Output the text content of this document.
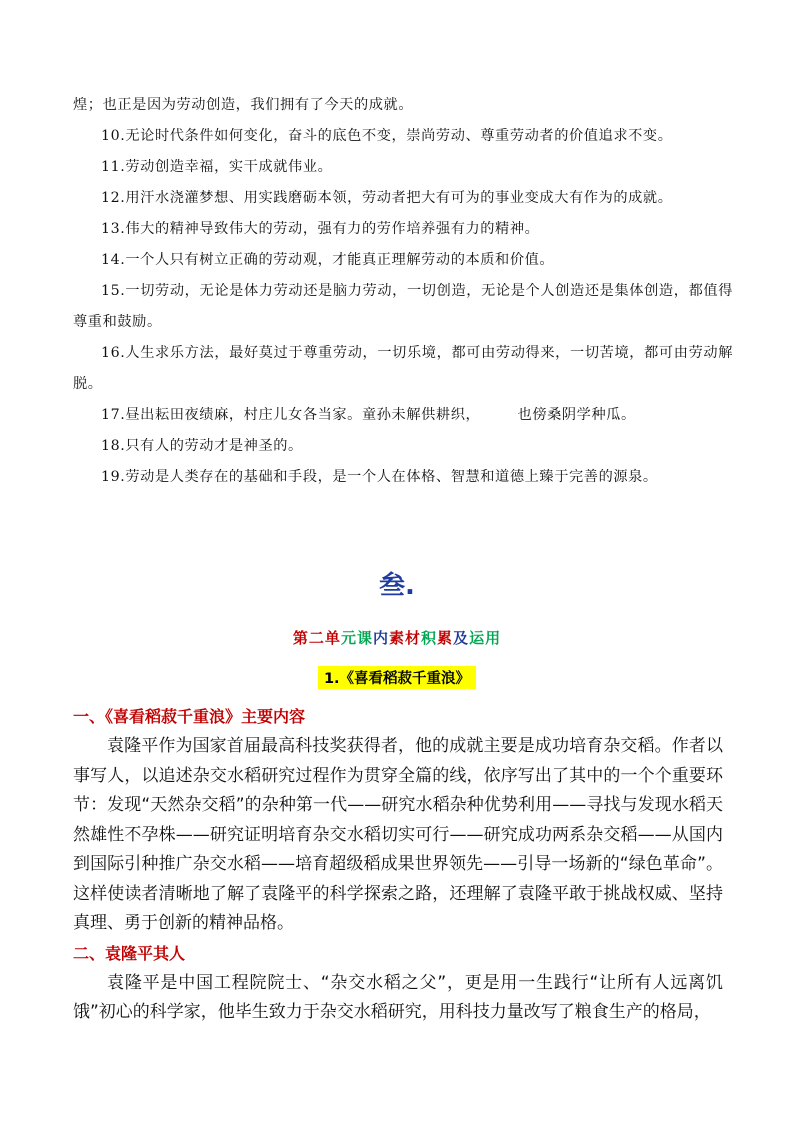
煌；也正是因为劳动创造，我们拥有了今天的成就。

10.无论时代条件如何变化，奋斗的底色不变，崇尚劳动、尊重劳动者的价值追求不变。

11.劳动创造幸福，实干成就伟业。

12.用汗水浇灌梦想、用实践磨砺本领，劳动者把大有可为的事业变成大有作为的成就。

13.伟大的精神导致伟大的劳动，强有力的劳作培养强有力的精神。

14.一个人只有树立正确的劳动观，才能真正理解劳动的本质和价值。

15.一切劳动，无论是体力劳动还是脑力劳动，一切创造，无论是个人创造还是集体创造，都值得尊重和鼓励。

16.人生求乐方法，最好莫过于尊重劳动，一切乐境，都可由劳动得来，一切苦境，都可由劳动解脱。

17.昼出耘田夜绩麻，村庄儿女各当家。童孙未解供耕织，　　　也傍桑阴学种瓜。

18.只有人的劳动才是神圣的。

19.劳动是人类存在的基础和手段，是一个人在体格、智慧和道德上臻于完善的源泉。

叁.
第二单元课内素材积累及运用
1.《喜看稻菽千重浪》

一、《喜看稻菽千重浪》主要内容

袁隆平作为国家首届最高科技奖获得者，他的成就主要是成功培育杂交稻。作者以事写人，以追述杂交水稻研究过程作为贯穿全篇的线，依序写出了其中的一个个重要环节：发现“天然杂交稻”的杂种第一代——研究水稻杂种优势利用——寻找与发现水稻天然雄性不孕株——研究证明培育杂交水稻切实可行——研究成功两系杂交稻——从国内到国际引种推广杂交水稻——培育超级稻成果世界领先——引导一场新的“绿色革命”。这样使读者清晰地了解了袁隆平的科学探索之路，还理解了袁隆平敢于挑战权威、坚持真理、勇于创新的精神品格。

二、袁隆平其人

袁隆平是中国工程院院士、“杂交水稻之父”，更是用一生践行“让所有人远离饥饿”初心的科学家，他毕生致力于杂交水稻研究，用科技力量改写了粮食生产的格局，
